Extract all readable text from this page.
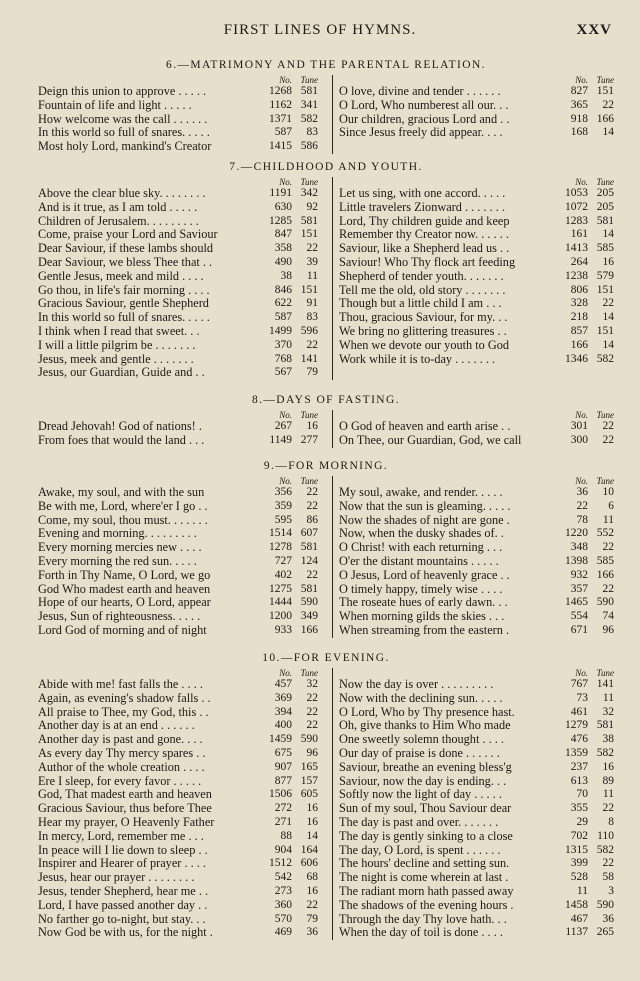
FIRST LINES OF HYMNS.	XXV
6.—MATRIMONY AND THE PARENTAL RELATION.
No. Tune
Deign this union to approve . . . . .	1268 581
Fountain of life and light . . . . .	1162 341
How welcome was the call . . . . . .	1371 582
In this world so full of snares. . . . .	587	83
Most holy Lord, mankind's Creator	1415 586
No. Tune
O love, divine and tender . . . . . .	827 151
O Lord, Who numberest all our. . .	365	22
Our children, gracious Lord and . .	918 166
Since Jesus freely did appear. . . .	168	14
7.—CHILDHOOD AND YOUTH.
No. Tune
Above the clear blue sky. . . . . . . .	1191 342
And is it true, as I am told . . . . .	630	92
Children of Jerusalem. . . . . . . . .	1285 581
Come, praise your Lord and Saviour	847 151
Dear Saviour, if these lambs should	358	22
Dear Saviour, we bless Thee that . .	490	39
Gentle Jesus, meek and mild . . . .	38	11
Go thou, in life's fair morning . . . .	846 151
Gracious Saviour, gentle Shepherd	622	91
In this world so full of snares. . . . .	587	83
I think when I read that sweet. . .	1499 596
I will a little pilgrim be . . . . . . .	370	22
Jesus, meek and gentle . . . . . . .	768 141
Jesus, our Guardian, Guide and . .	567	79
No. Tune
Let us sing, with one accord. . . . .	1053 205
Little travelers Zionward . . . . . . .	1072 205
Lord, Thy children guide and keep	1283 581
Remember thy Creator now. . . . . .	161	14
Saviour, like a Shepherd lead us . .	1413 585
Saviour! Who Thy flock art feeding	264	16
Shepherd of tender youth. . . . . . .	1238 579
Tell me the old, old story . . . . . . .	806 151
Though but a little child I am . . .	328	22
Thou, gracious Saviour, for my. . .	218	14
We bring no glittering treasures . .	857 151
When we devote our youth to God	166	14
Work while it is to-day . . . . . . .	1346 582
8.—DAYS OF FASTING.
No. Tune
Dread Jehovah! God of nations! .	267	16
From foes that would the land . . .	1149 277
No. Tune
O God of heaven and earth arise . .	301	22
On Thee, our Guardian, God, we call	300	22
9.—FOR MORNING.
No. Tune
Awake, my soul, and with the sun	356	22
Be with me, Lord, where'er I go . .	359	22
Come, my soul, thou must. . . . . . .	595	86
Evening and morning. . . . . . . . .	1514 607
Every morning mercies new . . . .	1278 581
Every morning the red sun. . . . .	727 124
Forth in Thy Name, O Lord, we go	402	22
God Who madest earth and heaven	1275 581
Hope of our hearts, O Lord, appear	1444 590
Jesus, Sun of righteousness. . . . .	1200 349
Lord God of morning and of night	933 166
No. Tune
My soul, awake, and render. . . . .	36	10
Now that the sun is gleaming. . . . .	22	6
Now the shades of night are gone .	78	11
Now, when the dusky shades of. .	1220 552
O Christ! with each returning . . .	348	22
O'er the distant mountains . . . . .	1398 585
O Jesus, Lord of heavenly grace . .	932 166
O timely happy, timely wise . . . .	357	22
The roseate hues of early dawn. . .	1465 590
When morning gilds the skies . . .	554	74
When streaming from the eastern .	671	96
10.—FOR EVENING.
No. Tune
Abide with me! fast falls the . . . .	457	32
Again, as evening's shadow falls . .	369	22
All praise to Thee, my God, this . .	394	22
Another day is at an end . . . . . .	400	22
Another day is past and gone. . . .	1459 590
As every day Thy mercy spares . .	675	96
Author of the whole creation . . . .	907 165
Ere I sleep, for every favor . . . . .	877 157
God, That madest earth and heaven	1506 605
Gracious Saviour, thus before Thee	272	16
Hear my prayer, O Heavenly Father	271	16
In mercy, Lord, remember me . . .	88	14
In peace will I lie down to sleep . .	904 164
Inspirer and Hearer of prayer . . . .	1512 606
Jesus, hear our prayer . . . . . . . .	542	68
Jesus, tender Shepherd, hear me . .	273	16
Lord, I have passed another day . .	360	22
No farther go to-night, but stay. . .	570	79
Now God be with us, for the night .	469	36
No. Tune
Now the day is over . . . . . . . . .	767 141
Now with the declining sun. . . . .	73	11
O Lord, Who by Thy presence hast.	461	32
Oh, give thanks to Him Who made	1279 581
One sweetly solemn thought . . . .	476	38
Our day of praise is done . . . . . .	1359 582
Saviour, breathe an evening bless'g	237	16
Saviour, now the day is ending. . .	613	89
Softly now the light of day . . . . .	70	11
Sun of my soul, Thou Saviour dear	355	22
The day is past and over. . . . . . .	29	8
The day is gently sinking to a close	702 110
The day, O Lord, is spent . . . . . .	1315 582
The hours' decline and setting sun.	399	22
The night is come wherein at last .	528	58
The radiant morn hath passed away	11	3
The shadows of the evening hours .	1458 590
Through the day Thy love hath. . .	467	36
When the day of toil is done . . . .	1137 265
